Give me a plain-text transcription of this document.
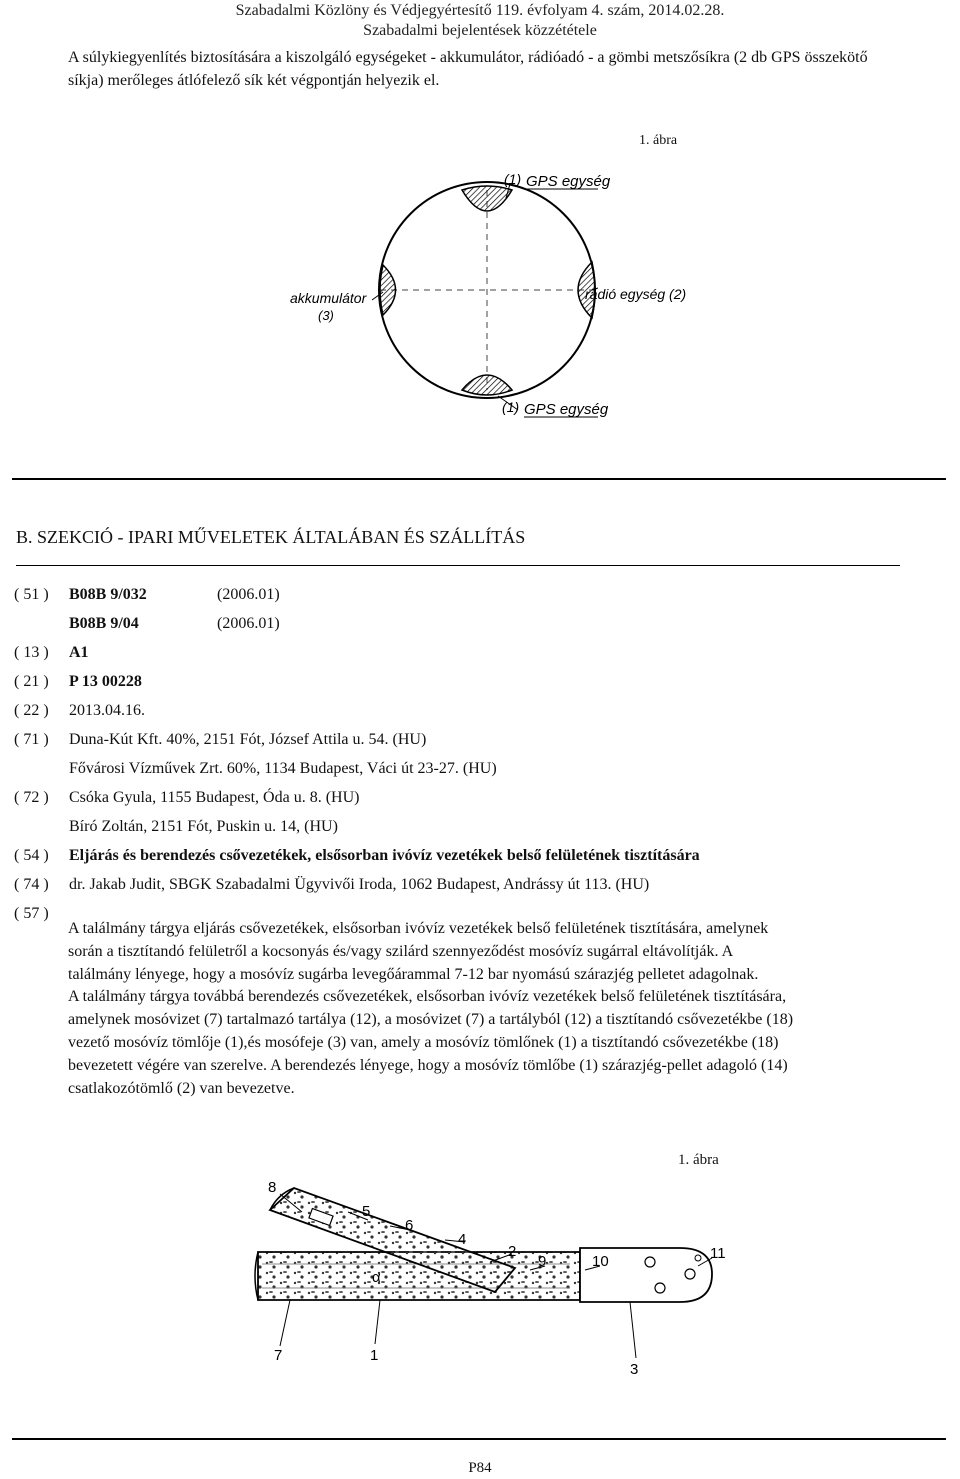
Szabadalmi Közlöny és Védjegyértesítő 119. évfolyam 4. szám, 2014.02.28.
Szabadalmi bejelentések közzététele
A súlykiegyenlítés biztosítására a kiszolgáló egységeket - akkumulátor, rádióadó - a gömbi metszősíkra (2 db GPS összekötő síkja) merőleges átlófelező sík két végpontján helyezik el.
1. ábra
(1) GPS egység
rádió egység (2)
akkumulátor
(3)
(1) GPS egység
B. SZEKCIÓ - IPARI MŰVELETEK ÁLTALÁBAN ÉS SZÁLLÍTÁS
( 51 ) B08B 9/032	(2006.01)
B08B 9/04	(2006.01)
( 13 ) A1
( 21 ) P 13 00228
( 22 ) 2013.04.16.
( 71 ) Duna-Kút Kft. 40%, 2151 Fót, József Attila u. 54. (HU)
Fővárosi Vízművek Zrt. 60%, 1134 Budapest, Váci út 23-27. (HU)
( 72 ) Csóka Gyula, 1155 Budapest, Óda u. 8. (HU)
Bíró Zoltán, 2151 Fót, Puskin u. 14, (HU)
( 54 ) Eljárás és berendezés csővezetékek, elsősorban ivóvíz vezetékek belső felületének tisztítására
( 74 ) dr. Jakab Judit, SBGK Szabadalmi Ügyvivői Iroda, 1062 Budapest, Andrássy út 113. (HU)
( 57 )
A találmány tárgya eljárás csővezetékek, elsősorban ivóvíz vezetékek belső felületének tisztítására, amelynek
során a tisztítandó felületről a kocsonyás és/vagy szilárd szennyeződést mosóvíz sugárral eltávolítják. A
találmány lényege, hogy a mosóvíz sugárba levegőárammal 7-12 bar nyomású szárazjég pelletet adagolnak.
A találmány tárgya továbbá berendezés csővezetékek, elsősorban ivóvíz vezetékek belső felületének tisztítására,
amelynek mosóvizet (7) tartalmazó tartálya (12), a mosóvizet (7) a tartályból (12) a tisztítandó csővezetékbe (18)
vezető mosóvíz tömlője (1),és mosófeje (3) van, amely a mosóvíz tömlőnek (1) a tisztítandó csővezetékbe (18)
bevezetett végére van szerelve. A berendezés lényege, hogy a mosóvíz tömlőbe (1) szárazjég-pellet adagoló (14)
csatlakozótömlő (2) van bevezetve.
1. ábra
8
5
6
4
2
9	10	11
α
7	1
3
P84
